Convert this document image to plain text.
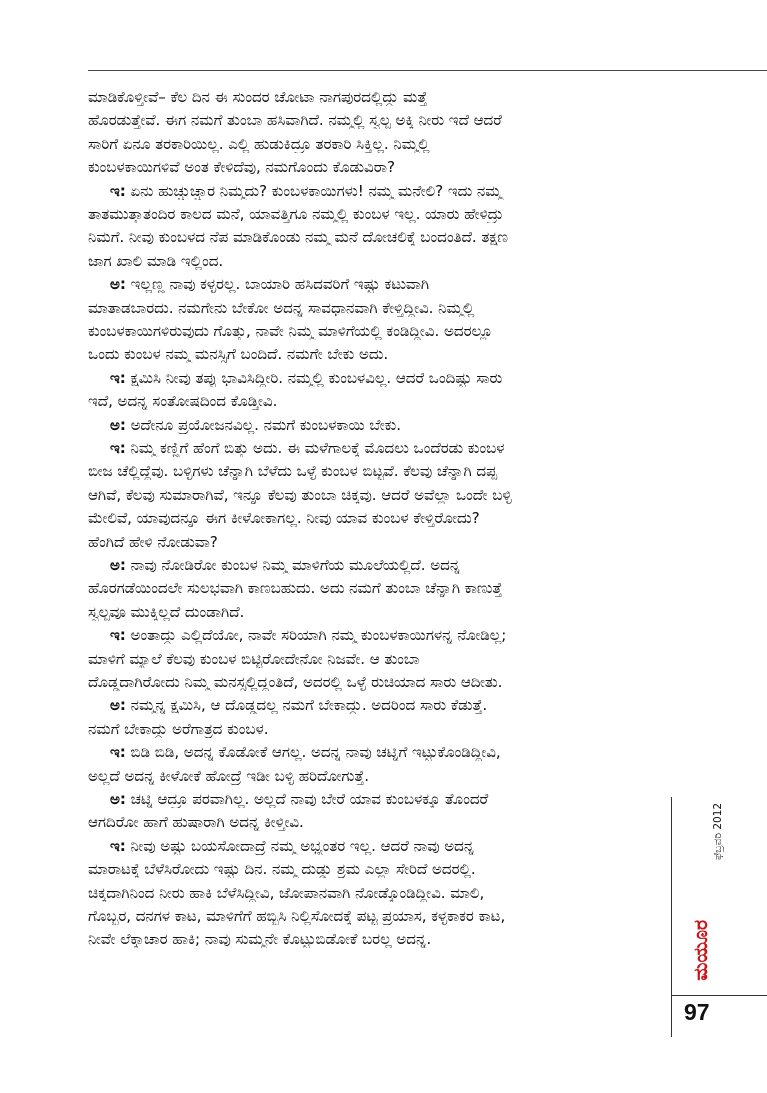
ಮಾಡಿಕೊಳ್ತೀವೆ– ಕೆಲ ದಿನ ಈ ಸುಂದರ ಚೋಟಾ ನಾಗಪುರದಲ್ಲಿದ್ದು ಮತ್ತೆ
ಹೊರಡುತ್ತೇವೆ. ಈಗ ನಮಗೆ ತುಂಬಾ ಹಸಿವಾಗಿದೆ. ನಮ್ಮಲ್ಲಿ ಸ್ವಲ್ಪ ಅಕ್ಕಿ ನೀರು ಇದೆ ಆದರೆ
ಸಾರಿಗೆ ಏನೂ ತರಕಾರಿಯಿಲ್ಲ. ಎಲ್ಲಿ ಹುಡುಕಿದ್ರೂ ತರಕಾರಿ ಸಿಕ್ತಿಲ್ಲ. ನಿಮ್ಮಲ್ಲಿ
ಕುಂಬಳಕಾಯಿಗಳಿವೆ ಅಂತ ಕೇಳಿದೆವು, ನಮಗೊಂದು ಕೊಡುವಿರಾ?
ಇ: ಏನು ಹುಚ್ಚುಚ್ಚಾರ ನಿಮ್ಮದು? ಕುಂಬಳಕಾಯಿಗಳು! ನಮ್ಮ ಮನೇಲಿ? ಇದು ನಮ್ಮ
ತಾತಮುತ್ತಾತಂದಿರ ಕಾಲದ ಮನೆ, ಯಾವತ್ತಿಗೂ ನಮ್ಮಲ್ಲಿ ಕುಂಬಳ ಇಲ್ಲ. ಯಾರು ಹೇಳಿದ್ರು
ನಿಮಗೆ. ನೀವು ಕುಂಬಳದ ನೆಪ ಮಾಡಿಕೊಂಡು ನಮ್ಮ ಮನೆ ದೋಚಲಿಕ್ಕೆ ಬಂದಂತಿದೆ. ತಕ್ಷಣ
ಜಾಗ ಖಾಲಿ ಮಾಡಿ ಇಲ್ಲಿಂದ.
ಅ: ಇಲ್ಲಣ್ಣ ನಾವು ಕಳ್ಳರಲ್ಲ. ಬಾಯಾರಿ ಹಸಿದವರಿಗೆ ಇಷ್ಟು ಕಟುವಾಗಿ
ಮಾತಾಡಬಾರದು. ನಮಗೇನು ಬೇಕೋ ಅದನ್ನ ಸಾವಧಾನವಾಗಿ ಕೇಳ್ತಿದ್ದೀವಿ. ನಿಮ್ಮಲ್ಲಿ
ಕುಂಬಳಕಾಯಿಗಳಿರುವುದು ಗೊತ್ತು, ನಾವೇ ನಿಮ್ಮ ಮಾಳಿಗೆಯಲ್ಲಿ ಕಂಡಿದ್ದೀವಿ. ಅದರಲ್ಲೂ
ಒಂದು ಕುಂಬಳ ನಮ್ಮ ಮನಸ್ಸಿಗೆ ಬಂದಿದೆ. ನಮಗೇ ಬೇಕು ಅದು.
ಇ: ಕ್ಷಮಿಸಿ ನೀವು ತಪ್ಪು ಭಾವಿಸಿದ್ದೀರಿ. ನಮ್ಮಲ್ಲಿ ಕುಂಬಳವಿಲ್ಲ. ಆದರೆ ಒಂದಿಷ್ಟು ಸಾರು
ಇದೆ, ಅದನ್ನ ಸಂತೋಷದಿಂದ ಕೊಡ್ತೀವಿ.
ಅ: ಅದೇನೂ ಪ್ರಯೋಜನವಿಲ್ಲ. ನಮಗೆ ಕುಂಬಳಕಾಯಿ ಬೇಕು.
ಇ: ನಿಮ್ಮ ಕಣ್ಣಿಗೆ ಹೆಂಗೆ ಬಿತ್ತು ಅದು. ಈ ಮಳೆಗಾಲಕ್ಕೆ ಮೊದಲು ಒಂದೆರಡು ಕುಂಬಳ
ಬೀಜ ಚೆಲ್ಲಿದ್ದೆವು. ಬಳ್ಳಿಗಳು ಚೆನ್ನಾಗಿ ಬೆಳೆದು ಒಳ್ಳೆ ಕುಂಬಳ ಬಿಟ್ಟವೆ. ಕೆಲವು ಚೆನ್ನಾಗಿ ದಪ್ಪ
ಆಗಿವೆ, ಕೆಲವು ಸುಮಾರಾಗಿವೆ, ಇನ್ನೂ ಕೆಲವು ತುಂಬಾ ಚಿಕ್ಕವು. ಆದರೆ ಅವೆಲ್ಲಾ ಒಂದೇ ಬಳ್ಳಿ
ಮೇಲಿವೆ, ಯಾವುದನ್ನೂ ಈಗ ಕೀಳೋಕಾಗಲ್ಲ. ನೀವು ಯಾವ ಕುಂಬಳ ಕೇಳ್ತಿರೋದು?
ಹೆಂಗಿದೆ ಹೇಳಿ ನೋಡುವಾ?
ಅ: ನಾವು ನೋಡಿರೋ ಕುಂಬಳ ನಿಮ್ಮ ಮಾಳಿಗೆಯ ಮೂಲೆಯಲ್ಲಿದೆ. ಅದನ್ನ
ಹೊರಗಡೆಯಿಂದಲೇ ಸುಲಭವಾಗಿ ಕಾಣಬಹುದು. ಅದು ನಮಗೆ ತುಂಬಾ ಚೆನ್ನಾಗಿ ಕಾಣುತ್ತೆ
ಸ್ವಲ್ಪವೂ ಮುಕ್ಕಿಲ್ಲದೆ ದುಂಡಾಗಿದೆ.
ಇ: ಅಂತಾದ್ದು ಎಲ್ಲಿದೆಯೋ, ನಾವೇ ಸರಿಯಾಗಿ ನಮ್ಮ ಕುಂಬಳಕಾಯಿಗಳನ್ನ ನೋಡಿಲ್ಲ;
ಮಾಳಿಗೆ ಮ್ಯಾಲೆ ಕೆಲವು ಕುಂಬಳ ಬಿಟ್ಟಿರೋದೇನೋ ನಿಜವೇ. ಆ ತುಂಬಾ
ದೊಡ್ಡದಾಗಿರೋದು ನಿಮ್ಮ ಮನಸ್ಸಲ್ಲಿದ್ದಂತಿದೆ, ಅದರಲ್ಲಿ ಒಳ್ಳೆ ರುಚಿಯಾದ ಸಾರು ಆದೀತು.
ಅ: ನಮ್ಮನ್ನ ಕ್ಷಮಿಸಿ, ಆ ದೊಡ್ಡದಲ್ಲ ನಮಗೆ ಬೇಕಾದ್ದು. ಅದರಿಂದ ಸಾರು ಕೆಡುತ್ತೆ.
ನಮಗೆ ಬೇಕಾದ್ದು ಅರೆಗಾತ್ರದ ಕುಂಬಳ.
ಇ: ಬಿಡಿ ಬಿಡಿ, ಅದನ್ನ ಕೊಡೋಕೆ ಆಗಲ್ಲ. ಅದನ್ನ ನಾವು ಚಟ್ನಿಗೆ ಇಟ್ಟುಕೊಂಡಿದ್ದೀವಿ,
ಅಲ್ಲದೆ ಅದನ್ನ ಕೀಳೋಕೆ ಹೋದ್ರೆ ಇಡೀ ಬಳ್ಳಿ ಹರಿದೋಗುತ್ತೆ.
ಅ: ಚಟ್ನಿ ಆದ್ರೂ ಪರವಾಗಿಲ್ಲ. ಅಲ್ಲದೆ ನಾವು ಬೇರೆ ಯಾವ ಕುಂಬಳಕ್ಕೂ ತೊಂದರೆ
ಆಗದಿರೋ ಹಾಗೆ ಹುಷಾರಾಗಿ ಅದನ್ನ ಕೀಳ್ತೀವಿ.
ಇ: ನೀವು ಅಷ್ಟು ಬಯಸೋದಾದ್ರೆ ನಮ್ಮ ಅಭ್ಯಂತರ ಇಲ್ಲ. ಆದರೆ ನಾವು ಅದನ್ನ
ಮಾರಾಟಕ್ಕೆ ಬೆಳೆಸಿರೋದು ಇಷ್ಟು ದಿನ. ನಮ್ಮ ದುಡ್ಡು ಶ್ರಮ ಎಲ್ಲಾ ಸೇರಿದೆ ಅದರಲ್ಲಿ.
ಚಿಕ್ಕದಾಗಿನಿಂದ ನೀರು ಹಾಕಿ ಬೆಳೆಸಿದ್ದೀವಿ, ಜೋಪಾನವಾಗಿ ನೋಡ್ಕೊಂಡಿದ್ದೀವಿ. ಮಾಲಿ,
ಗೊಬ್ಬರ, ದನಗಳ ಕಾಟ, ಮಾಳಿಗೆಗೆ ಹಬ್ಬಿಸಿ ನಿಲ್ಲಿಸೋದಕ್ಕೆ ಪಟ್ಟ ಪ್ರಯಾಸ, ಕಳ್ಳಕಾಕರ ಕಾಟ,
ನೀವೇ ಲೆಕ್ಕಾಚಾರ ಹಾಕಿ; ನಾವು ಸುಮ್ಮನೇ ಕೊಟ್ಟುಬಿಡೋಕೆ ಬರಲ್ಲ ಅದನ್ನ.	ಮಯೂರ
ಫೆಬ್ರವರಿ 2012
97
